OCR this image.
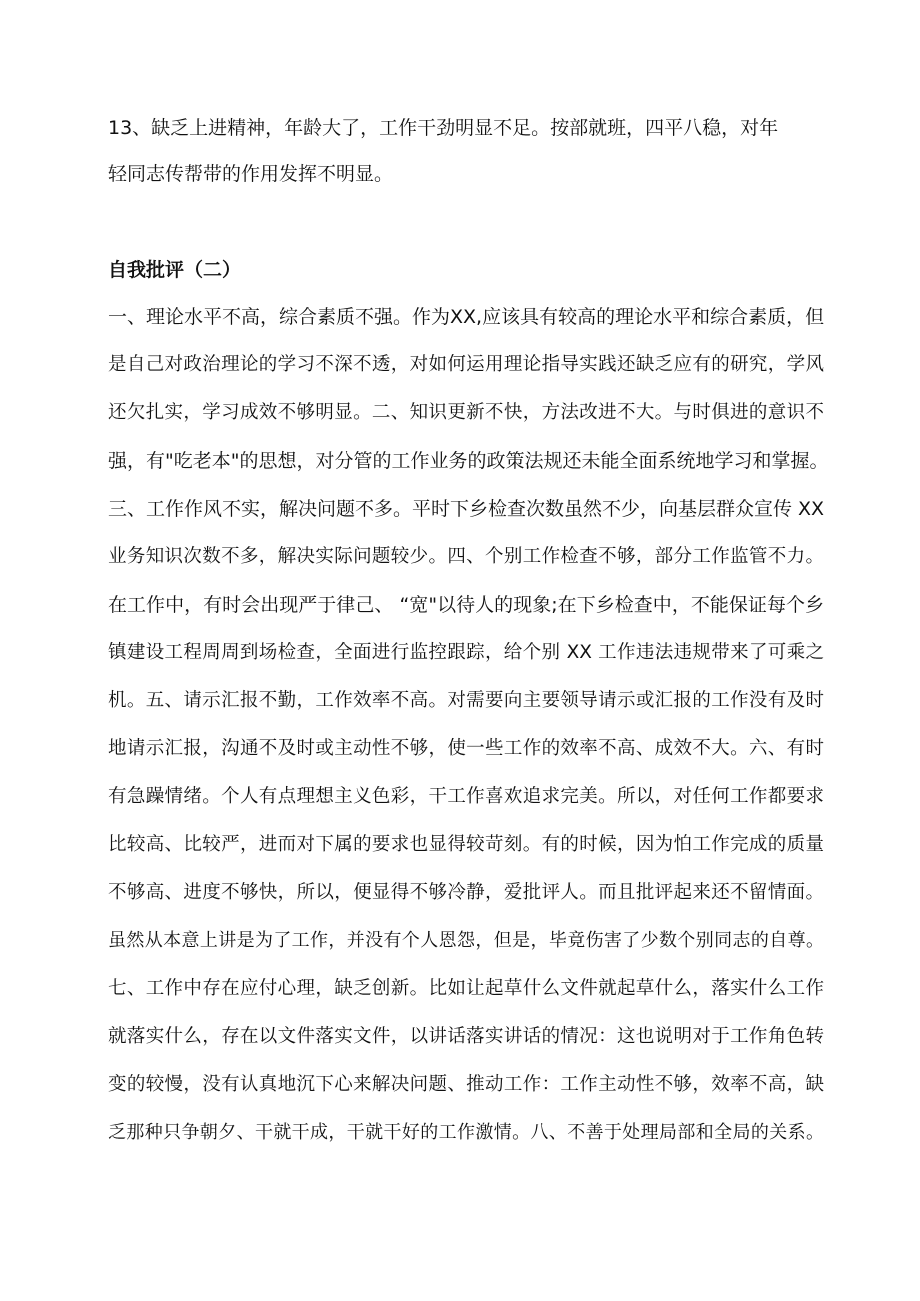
13、缺乏上进精神，年龄大了，工作干劲明显不足。按部就班，四平八稳，对年
轻同志传帮带的作用发挥不明显。
自我批评（二）
一、理论水平不高，综合素质不强。作为XX,应该具有较高的理论水平和综合素质，但
是自己对政治理论的学习不深不透，对如何运用理论指导实践还缺乏应有的研究，学风
还欠扎实，学习成效不够明显。二、知识更新不快，方法改进不大。与时俱进的意识不
强，有"吃老本"的思想，对分管的工作业务的政策法规还未能全面系统地学习和掌握。
三、工作作风不实，解决问题不多。平时下乡检查次数虽然不少，向基层群众宣传 XX
业务知识次数不多，解决实际问题较少。四、个别工作检查不够，部分工作监管不力。
在工作中，有时会出现严于律己、 “宽"以待人的现象;在下乡检查中，不能保证每个乡
镇建设工程周周到场检查，全面进行监控跟踪，给个别 XX 工作违法违规带来了可乘之
机。五、请示汇报不勤，工作效率不高。对需要向主要领导请示或汇报的工作没有及时
地请示汇报，沟通不及时或主动性不够，使一些工作的效率不高、成效不大。六、有时
有急躁情绪。个人有点理想主义色彩，干工作喜欢追求完美。所以，对任何工作都要求
比较高、比较严，进而对下属的要求也显得较苛刻。有的时候，因为怕工作完成的质量
不够高、进度不够快，所以，便显得不够冷静，爱批评人。而且批评起来还不留情面。
虽然从本意上讲是为了工作，并没有个人恩怨，但是，毕竟伤害了少数个别同志的自尊。
七、工作中存在应付心理，缺乏创新。比如让起草什么文件就起草什么，落实什么工作
就落实什么，存在以文件落实文件，以讲话落实讲话的情况：这也说明对于工作角色转
变的较慢，没有认真地沉下心来解决问题、推动工作：工作主动性不够，效率不高，缺
乏那种只争朝夕、干就干成，干就干好的工作激情。八、不善于处理局部和全局的关系。
